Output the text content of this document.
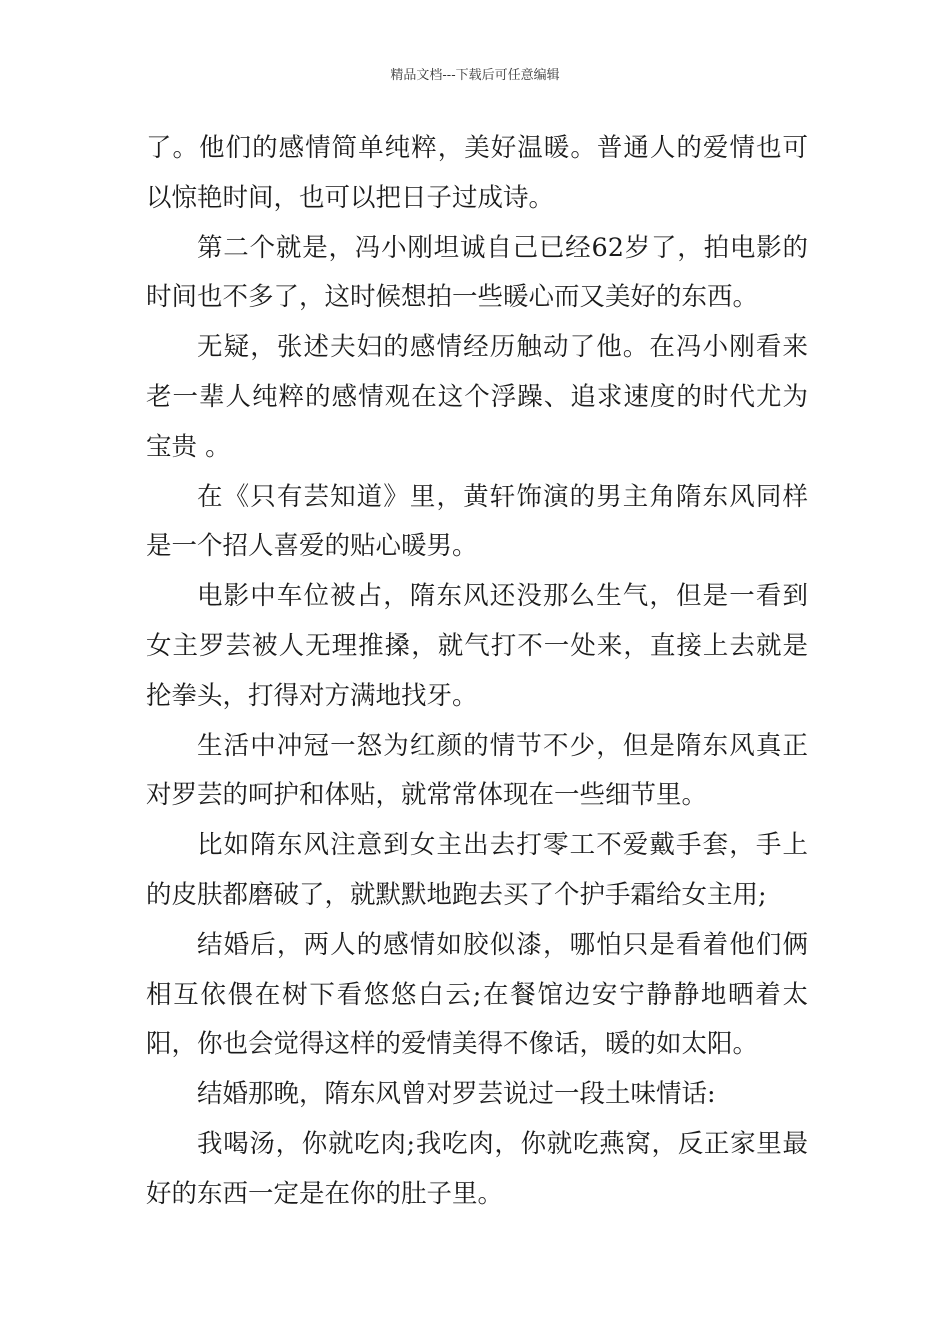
精品文档---下载后可任意编辑

了。他们的感情简单纯粹，美好温暖。普通人的爱情也可以惊艳时间，也可以把日子过成诗。

第二个就是，冯小刚坦诚自己已经62岁了，拍电影的时间也不多了，这时候想拍一些暖心而又美好的东西。

无疑，张述夫妇的感情经历触动了他。在冯小刚看来老一辈人纯粹的感情观在这个浮躁、追求速度的时代尤为宝贵 。

在《只有芸知道》里，黄轩饰演的男主角隋东风同样是一个招人喜爱的贴心暖男。

电影中车位被占，隋东风还没那么生气，但是一看到女主罗芸被人无理推搡，就气打不一处来，直接上去就是抡拳头，打得对方满地找牙。

生活中冲冠一怒为红颜的情节不少，但是隋东风真正对罗芸的呵护和体贴，就常常体现在一些细节里。

比如隋东风注意到女主出去打零工不爱戴手套，手上的皮肤都磨破了，就默默地跑去买了个护手霜给女主用;

结婚后，两人的感情如胶似漆，哪怕只是看着他们俩相互依偎在树下看悠悠白云;在餐馆边安宁静静地晒着太阳，你也会觉得这样的爱情美得不像话，暖的如太阳。

结婚那晚，隋东风曾对罗芸说过一段土味情话:

我喝汤，你就吃肉;我吃肉，你就吃燕窝，反正家里最好的东西一定是在你的肚子里。
